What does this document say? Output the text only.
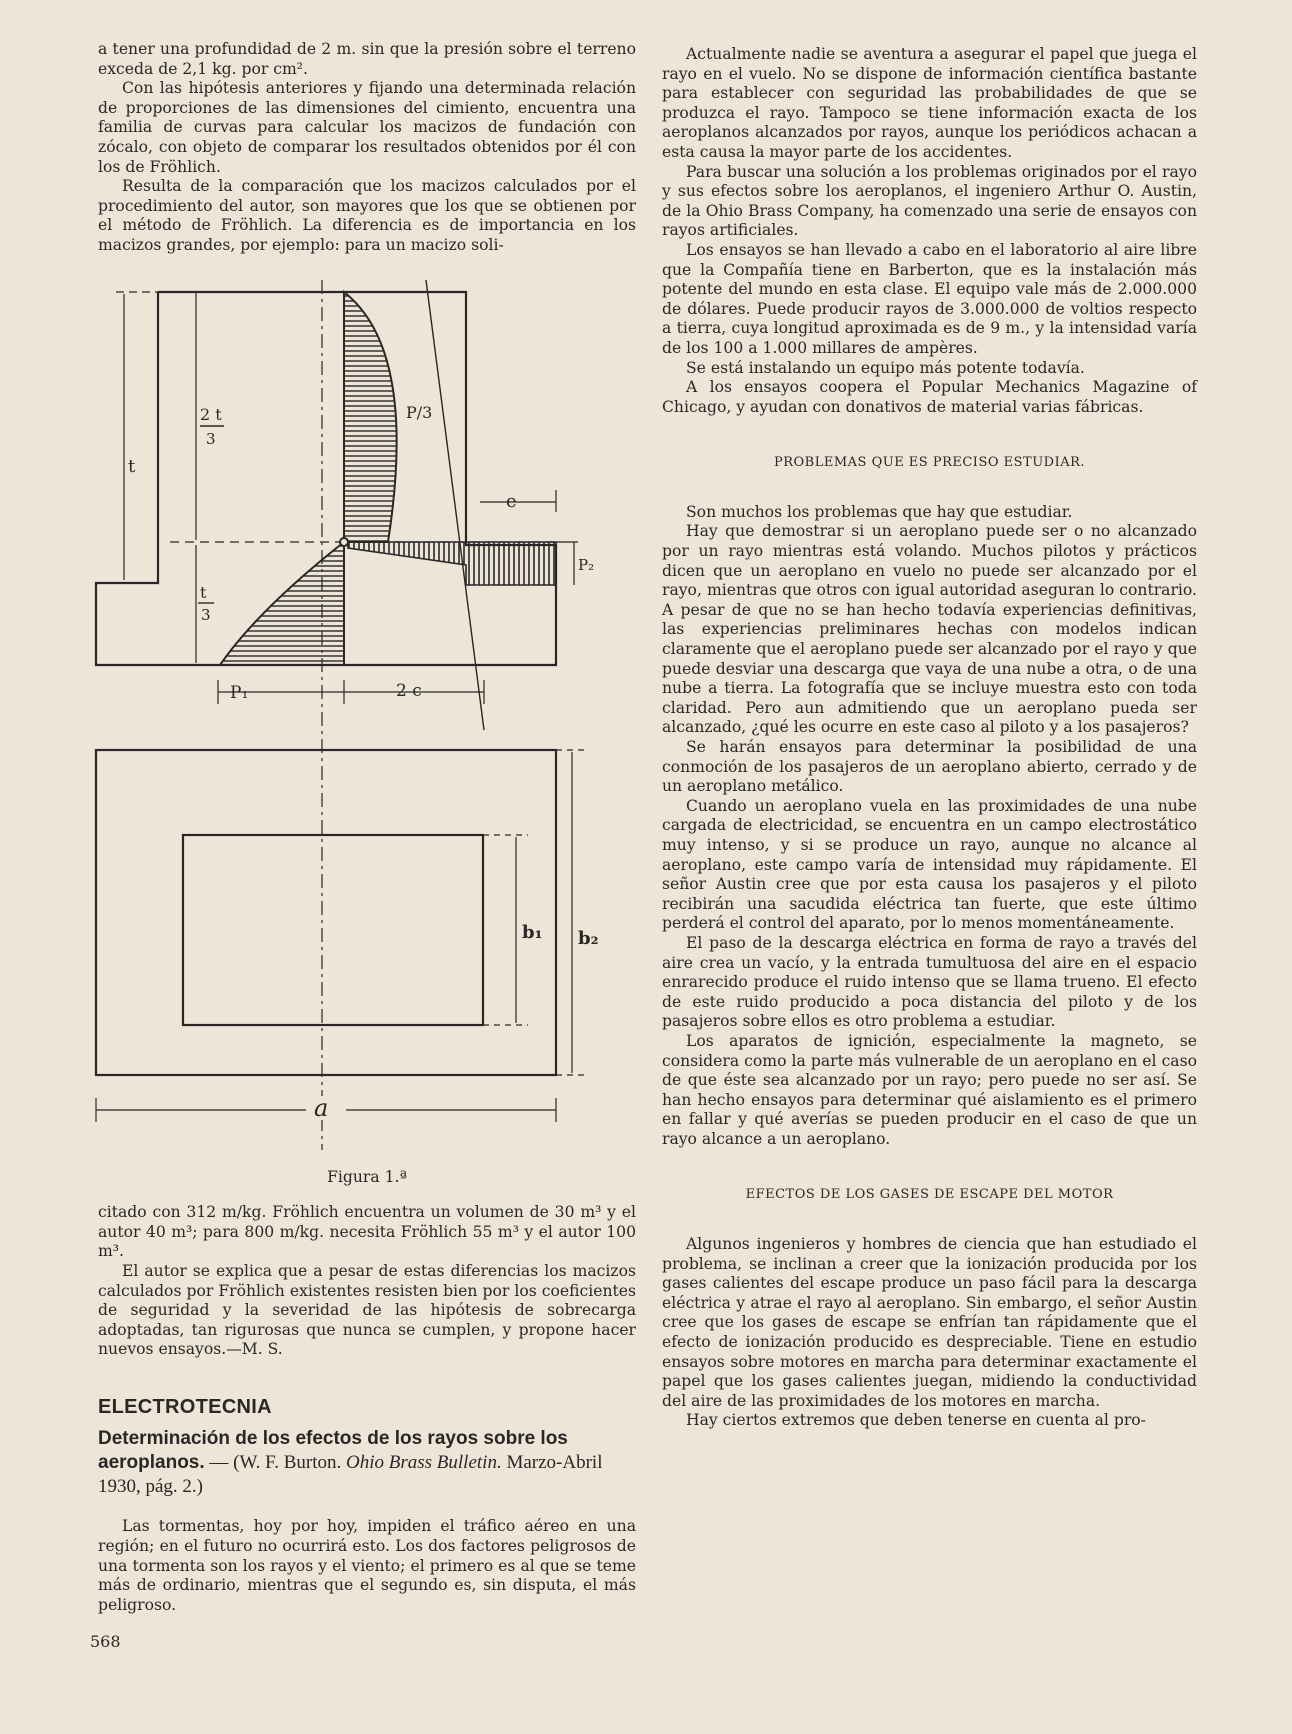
a tener una profundidad de 2 m. sin que la presión sobre el terreno exceda de 2,1 kg. por cm².

Con las hipótesis anteriores y fijando una determinada relación de proporciones de las dimensiones del cimiento, encuentra una familia de curvas para calcular los macizos de fundación con zócalo, con objeto de comparar los resultados obtenidos por él con los de Fröhlich.

Resulta de la comparación que los macizos calculados por el procedimiento del autor, son mayores que los que se obtienen por el método de Fröhlich. La diferencia es de importancia en los macizos grandes, por ejemplo: para un macizo soli-

t
2 t
3
t
3
P/3
e
P₂
P₁	2 c
b₁ b₂
a
Figura 1.ª

citado con 312 m/kg. Fröhlich encuentra un volumen de 30 m³ y el autor 40 m³; para 800 m/kg. necesita Fröhlich 55 m³ y el autor 100 m³.

El autor se explica que a pesar de estas diferencias los macizos calculados por Fröhlich existentes resisten bien por los coeficientes de seguridad y la severidad de las hipótesis de sobrecarga adoptadas, tan rigurosas que nunca se cumplen, y propone hacer nuevos ensayos.—M. S.

ELECTROTECNIA
Determinación de los efectos de los rayos sobre los aeroplanos. — (W. F. Burton. Ohio Brass Bulletin. Marzo-Abril 1930, pág. 2.)

Las tormentas, hoy por hoy, impiden el tráfico aéreo en una región; en el futuro no ocurrirá esto. Los dos factores peligrosos de una tormenta son los rayos y el viento; el primero es al que se teme más de ordinario, mientras que el segundo es, sin disputa, el más peligroso.

Actualmente nadie se aventura a asegurar el papel que juega el rayo en el vuelo. No se dispone de información científica bastante para establecer con seguridad las probabilidades de que se produzca el rayo. Tampoco se tiene información exacta de los aeroplanos alcanzados por rayos, aunque los periódicos achacan a esta causa la mayor parte de los accidentes.

Para buscar una solución a los problemas originados por el rayo y sus efectos sobre los aeroplanos, el ingeniero Arthur O. Austin, de la Ohio Brass Company, ha comenzado una serie de ensayos con rayos artificiales.

Los ensayos se han llevado a cabo en el laboratorio al aire libre que la Compañía tiene en Barberton, que es la instalación más potente del mundo en esta clase. El equipo vale más de 2.000.000 de dólares. Puede producir rayos de 3.000.000 de voltios respecto a tierra, cuya longitud aproximada es de 9 m., y la intensidad varía de los 100 a 1.000 millares de ampères.

Se está instalando un equipo más potente todavía.

A los ensayos coopera el Popular Mechanics Magazine of Chicago, y ayudan con donativos de material varias fábricas.

PROBLEMAS QUE ES PRECISO ESTUDIAR.

Son muchos los problemas que hay que estudiar.

Hay que demostrar si un aeroplano puede ser o no alcanzado por un rayo mientras está volando. Muchos pilotos y prácticos dicen que un aeroplano en vuelo no puede ser alcanzado por el rayo, mientras que otros con igual autoridad aseguran lo contrario. A pesar de que no se han hecho todavía experiencias definitivas, las experiencias preliminares hechas con modelos indican claramente que el aeroplano puede ser alcanzado por el rayo y que puede desviar una descarga que vaya de una nube a otra, o de una nube a tierra. La fotografía que se incluye muestra esto con toda claridad. Pero aun admitiendo que un aeroplano pueda ser alcanzado, ¿qué les ocurre en este caso al piloto y a los pasajeros?

Se harán ensayos para determinar la posibilidad de una conmoción de los pasajeros de un aeroplano abierto, cerrado y de un aeroplano metálico.

Cuando un aeroplano vuela en las proximidades de una nube cargada de electricidad, se encuentra en un campo electrostático muy intenso, y si se produce un rayo, aunque no alcance al aeroplano, este campo varía de intensidad muy rápidamente. El señor Austin cree que por esta causa los pasajeros y el piloto recibirán una sacudida eléctrica tan fuerte, que este último perderá el control del aparato, por lo menos momentáneamente.

El paso de la descarga eléctrica en forma de rayo a través del aire crea un vacío, y la entrada tumultuosa del aire en el espacio enrarecido produce el ruido intenso que se llama trueno. El efecto de este ruido producido a poca distancia del piloto y de los pasajeros sobre ellos es otro problema a estudiar.

Los aparatos de ignición, especialmente la magneto, se considera como la parte más vulnerable de un aeroplano en el caso de que éste sea alcanzado por un rayo; pero puede no ser así. Se han hecho ensayos para determinar qué aislamiento es el primero en fallar y qué averías se pueden producir en el caso de que un rayo alcance a un aeroplano.

EFECTOS DE LOS GASES DE ESCAPE DEL MOTOR

Algunos ingenieros y hombres de ciencia que han estudiado el problema, se inclinan a creer que la ionización producida por los gases calientes del escape produce un paso fácil para la descarga eléctrica y atrae el rayo al aeroplano. Sin embargo, el señor Austin cree que los gases de escape se enfrían tan rápidamente que el efecto de ionización producido es despreciable. Tiene en estudio ensayos sobre motores en marcha para determinar exactamente el papel que los gases calientes juegan, midiendo la conductividad del aire de las proximidades de los motores en marcha.

Hay ciertos extremos que deben tenerse en cuenta al pro-

568
